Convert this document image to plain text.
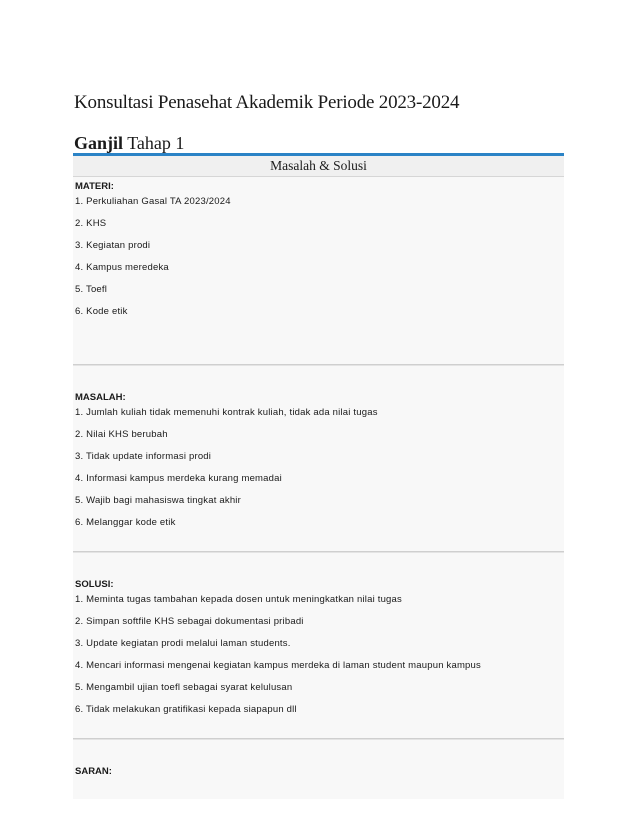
Konsultasi Penasehat Akademik Periode 2023-2024
Ganjil Tahap 1
Masalah & Solusi
MATERI:
1. Perkuliahan Gasal TA 2023/2024
2. KHS
3. Kegiatan prodi
4. Kampus meredeka
5. Toefl
6. Kode etik
MASALAH:
1. Jumlah kuliah tidak memenuhi kontrak kuliah, tidak ada nilai tugas
2. Nilai KHS berubah
3. Tidak update informasi prodi
4. Informasi kampus merdeka kurang memadai
5. Wajib bagi mahasiswa tingkat akhir
6. Melanggar kode etik
SOLUSI:
1. Meminta tugas tambahan kepada dosen untuk meningkatkan nilai tugas
2. Simpan softfile KHS sebagai dokumentasi pribadi
3. Update kegiatan prodi melalui laman students.
4. Mencari informasi mengenai kegiatan kampus merdeka di laman student maupun kampus
5. Mengambil ujian toefl sebagai syarat kelulusan
6. Tidak melakukan gratifikasi kepada siapapun dll
SARAN:
